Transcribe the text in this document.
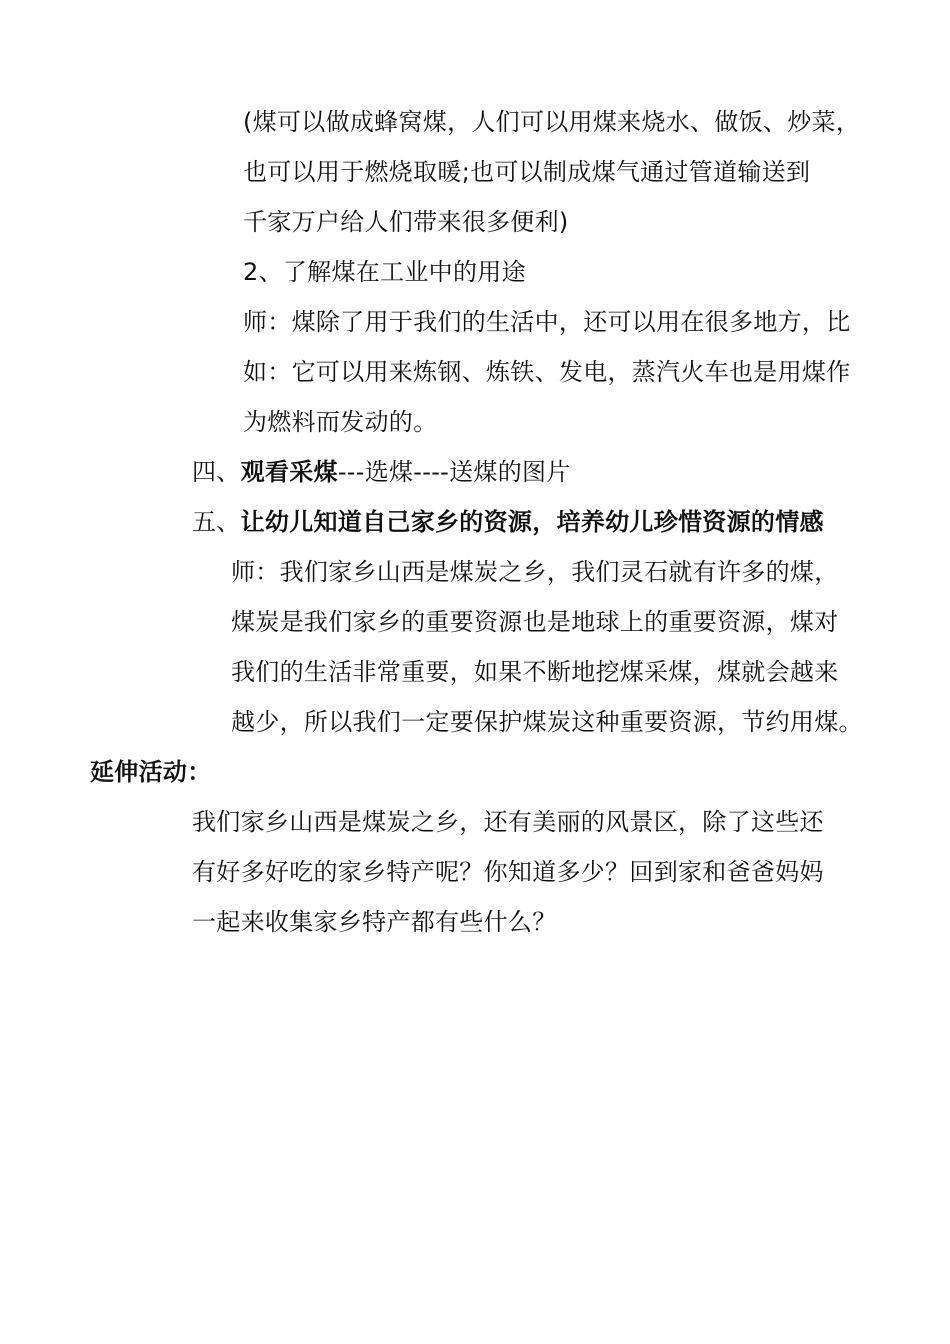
(煤可以做成蜂窝煤，人们可以用煤来烧水、做饭、炒菜，
也可以用于燃烧取暖;也可以制成煤气通过管道输送到
千家万户给人们带来很多便利)
2、了解煤在工业中的用途
师：煤除了用于我们的生活中，还可以用在很多地方，比
如：它可以用来炼钢、炼铁、发电，蒸汽火车也是用煤作
为燃料而发动的。
四、观看采煤---选煤----送煤的图片
五、让幼儿知道自己家乡的资源，培养幼儿珍惜资源的情感
师：我们家乡山西是煤炭之乡，我们灵石就有许多的煤，
煤炭是我们家乡的重要资源也是地球上的重要资源，煤对
我们的生活非常重要，如果不断地挖煤采煤，煤就会越来
越少，所以我们一定要保护煤炭这种重要资源，节约用煤。
延伸活动：
我们家乡山西是煤炭之乡，还有美丽的风景区，除了这些还
有好多好吃的家乡特产呢？你知道多少？回到家和爸爸妈妈
一起来收集家乡特产都有些什么？
